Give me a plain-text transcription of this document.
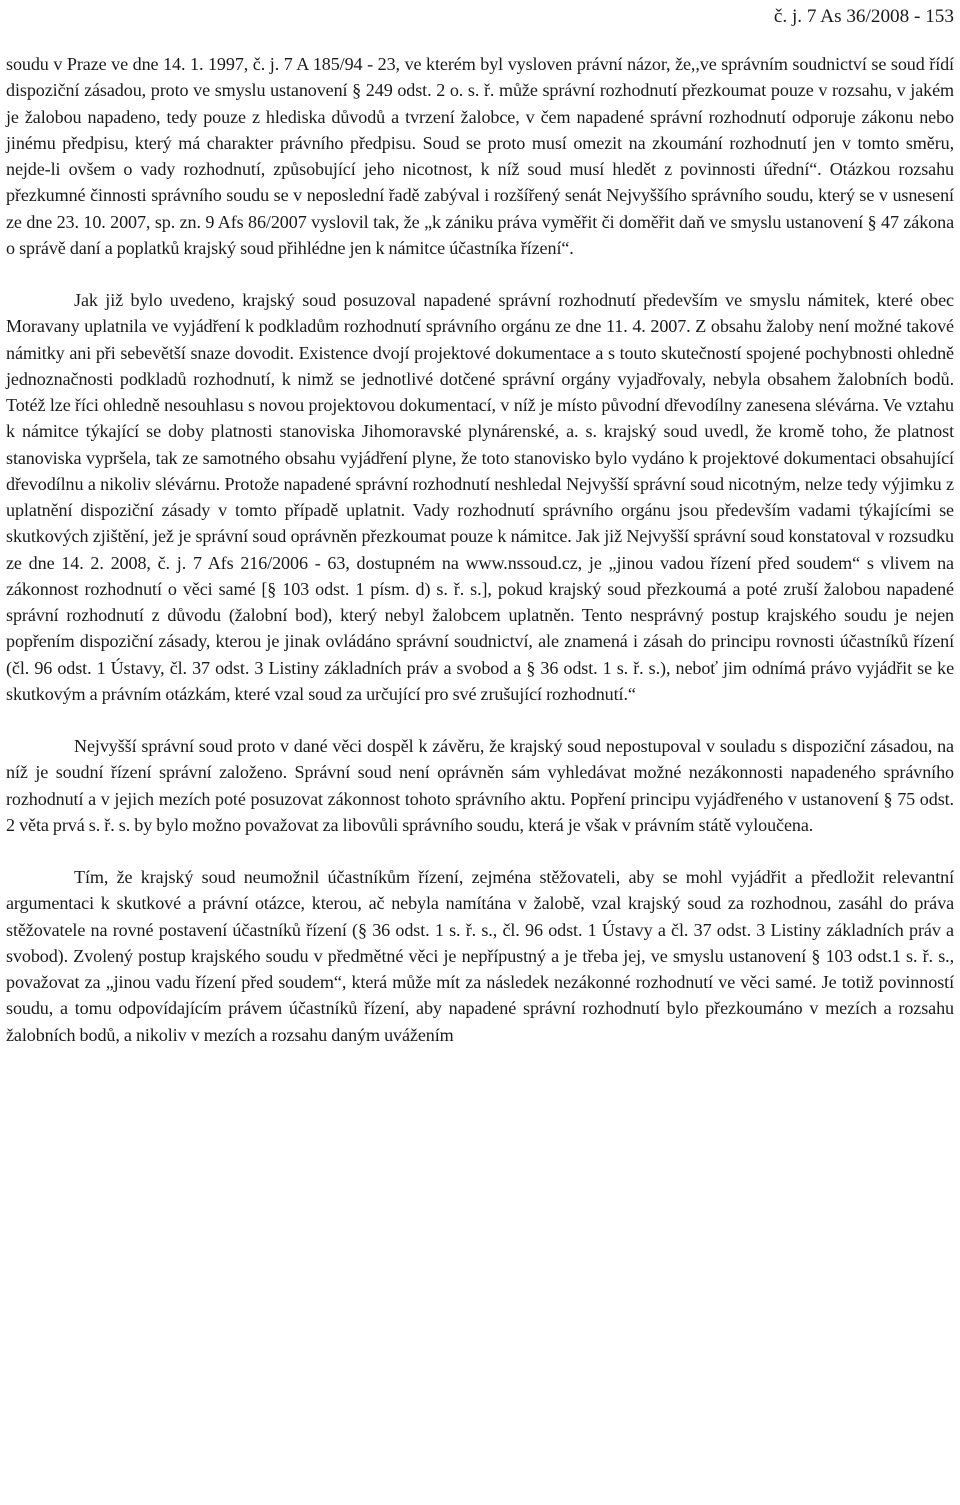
č. j. 7 As 36/2008 - 153

soudu v Praze ve dne 14. 1. 1997, č. j. 7 A 185/94 - 23, ve kterém byl vysloven právní názor, že,,ve správním soudnictví se soud řídí dispoziční zásadou, proto ve smyslu ustanovení § 249 odst. 2 o. s. ř. může správní rozhodnutí přezkoumat pouze v rozsahu, v jakém je žalobou napadeno, tedy pouze z hlediska důvodů a tvrzení žalobce, v čem napadené správní rozhodnutí odporuje zákonu nebo jinému předpisu, který má charakter právního předpisu. Soud se proto musí omezit na zkoumání rozhodnutí jen v tomto směru, nejde-li ovšem o vady rozhodnutí, způsobující jeho nicotnost, k níž soud musí hledět z povinnosti úřední“. Otázkou rozsahu přezkumné činnosti správního soudu se v neposlední řadě zabýval i rozšířený senát Nejvyššího správního soudu, který se v usnesení ze dne 23. 10. 2007, sp. zn. 9 Afs 86/2007 vyslovil tak, že „k zániku práva vyměřit či doměřit daň ve smyslu ustanovení § 47 zákona o správě daní a poplatků krajský soud přihlédne jen k námitce účastníka řízení“.

Jak již bylo uvedeno, krajský soud posuzoval napadené správní rozhodnutí především ve smyslu námitek, které obec Moravany uplatnila ve vyjádření k podkladům rozhodnutí správního orgánu ze dne 11. 4. 2007. Z obsahu žaloby není možné takové námitky ani při sebevětší snaze dovodit. Existence dvojí projektové dokumentace a s touto skutečností spojené pochybnosti ohledně jednoznačnosti podkladů rozhodnutí, k nimž se jednotlivé dotčené správní orgány vyjadřovaly, nebyla obsahem žalobních bodů. Totéž lze říci ohledně nesouhlasu s novou projektovou dokumentací, v níž je místo původní dřevodílny zanesena slévárna. Ve vztahu k námitce týkající se doby platnosti stanoviska Jihomoravské plynárenské, a. s. krajský soud uvedl, že kromě toho, že platnost stanoviska vypršela, tak ze samotného obsahu vyjádření plyne, že toto stanovisko bylo vydáno k projektové dokumentaci obsahující dřevodílnu a nikoliv slévárnu. Protože napadené správní rozhodnutí neshledal Nejvyšší správní soud nicotným, nelze tedy výjimku z uplatnění dispoziční zásady v tomto případě uplatnit. Vady rozhodnutí správního orgánu jsou především vadami týkajícími se skutkových zjištění, jež je správní soud oprávněn přezkoumat pouze k námitce. Jak již Nejvyšší správní soud konstatoval v rozsudku ze dne 14. 2. 2008, č. j. 7 Afs 216/2006 - 63, dostupném na www.nssoud.cz, je „jinou vadou řízení před soudem“ s vlivem na zákonnost rozhodnutí o věci samé [§ 103 odst. 1 písm. d) s. ř. s.], pokud krajský soud přezkoumá a poté zruší žalobou napadené správní rozhodnutí z důvodu (žalobní bod), který nebyl žalobcem uplatněn. Tento nesprávný postup krajského soudu je nejen popřením dispoziční zásady, kterou je jinak ovládáno správní soudnictví, ale znamená i zásah do principu rovnosti účastníků řízení (čl. 96 odst. 1 Ústavy, čl. 37 odst. 3 Listiny základních práv a svobod a § 36 odst. 1 s. ř. s.), neboť jim odnímá právo vyjádřit se ke skutkovým a právním otázkám, které vzal soud za určující pro své zrušující rozhodnutí.“

Nejvyšší správní soud proto v dané věci dospěl k závěru, že krajský soud nepostupoval v souladu s dispoziční zásadou, na níž je soudní řízení správní založeno. Správní soud není oprávněn sám vyhledávat možné nezákonnosti napadeného správního rozhodnutí a v jejich mezích poté posuzovat zákonnost tohoto správního aktu. Popření principu vyjádřeného v ustanovení § 75 odst. 2 věta prvá s. ř. s. by bylo možno považovat za libovůli správního soudu, která je však v právním státě vyloučena.

Tím, že krajský soud neumožnil účastníkům řízení, zejména stěžovateli, aby se mohl vyjádřit a předložit relevantní argumentaci k skutkové a právní otázce, kterou, ač nebyla namítána v žalobě, vzal krajský soud za rozhodnou, zasáhl do práva stěžovatele na rovné postavení účastníků řízení (§ 36 odst. 1 s. ř. s., čl. 96 odst. 1 Ústavy a čl. 37 odst. 3 Listiny základních práv a svobod). Zvolený postup krajského soudu v předmětné věci je nepřípustný a je třeba jej, ve smyslu ustanovení § 103 odst.1 s. ř. s., považovat za „jinou vadu řízení před soudem“, která může mít za následek nezákonné rozhodnutí ve věci samé. Je totiž povinností soudu, a tomu odpovídajícím právem účastníků řízení, aby napadené správní rozhodnutí bylo přezkoumáno v mezích a rozsahu žalobních bodů, a nikoliv v mezích a rozsahu daným uvážením
